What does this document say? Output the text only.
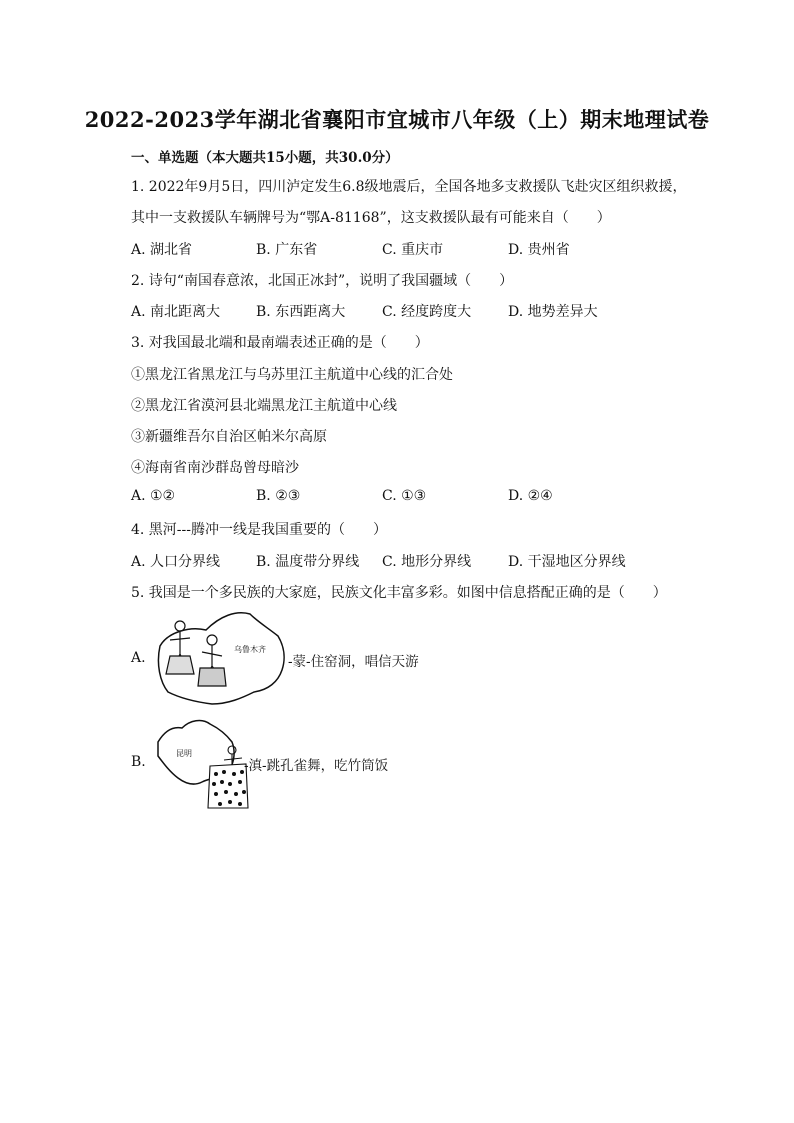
2022-2023学年湖北省襄阳市宜城市八年级（上）期末地理试卷
一、单选题（本大题共15小题，共30.0分）
1. 2022年9月5日，四川泸定发生6.8级地震后，全国各地多支救援队飞赴灾区组织救援，
其中一支救援队车辆牌号为“鄂A-81168”，这支救援队最有可能来自（　　）
A. 湖北省	B. 广东省	C. 重庆市	D. 贵州省
2. 诗句“南国春意浓，北国正冰封”，说明了我国疆域（　　）
A. 南北距离大	B. 东西距离大	C. 经度跨度大	D. 地势差异大
3. 对我国最北端和最南端表述正确的是（　　）
①黑龙江省黑龙江与乌苏里江主航道中心线的汇合处
②黑龙江省漠河县北端黑龙江主航道中心线
③新疆维吾尔自治区帕米尔高原
④海南省南沙群岛曾母暗沙
A. ①②	B. ②③	C. ①③	D. ②④
4. 黑河---腾冲一线是我国重要的（　　）
A. 人口分界线	B. 温度带分界线 C. 地形分界线	D. 干湿地区分界线
5. 我国是一个多民族的大家庭，民族文化丰富多彩。如图中信息搭配正确的是（　　）
A.
乌鲁木齐
-蒙-住窑洞，唱信天游
B.
昆明
-滇-跳孔雀舞，吃竹筒饭
